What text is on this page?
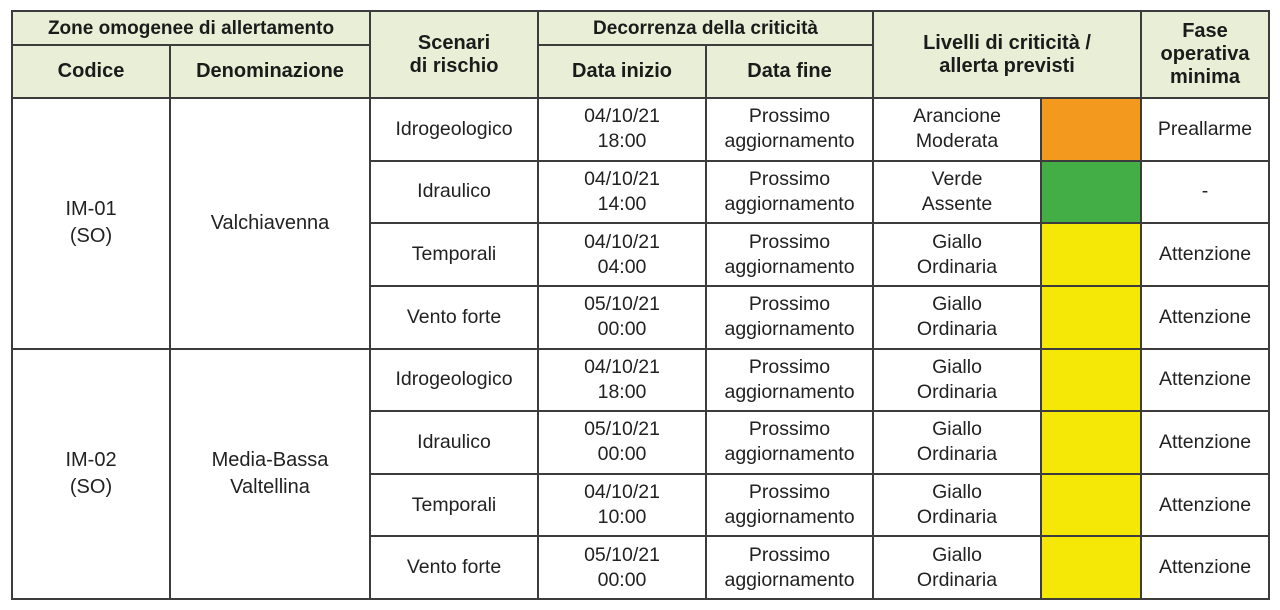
Zone omogenee di allertamento		Scenari
di rischio	Decorrenza della criticità		Livelli di criticità /
allerta previsti		Fase
operativa
minima

Codice	Denominazione		Data inizio	Data fine			

IM-01
(SO)	Valchiavenna	Idrogeologico	04/10/21
18:00	Prossimo
aggiornamento	Arancione
Moderata		Preallarme
		Idraulico	04/10/21
14:00	Prossimo
aggiornamento	Verde
Assente		-
		Temporali	04/10/21
04:00	Prossimo
aggiornamento	Giallo
Ordinaria		Attenzione
		Vento forte	05/10/21
00:00	Prossimo
aggiornamento	Giallo
Ordinaria		Attenzione

IM-02
(SO)	Media-Bassa
Valtellina	Idrogeologico	04/10/21
18:00	Prossimo
aggiornamento	Giallo
Ordinaria		Attenzione
		Idraulico	05/10/21
00:00	Prossimo
aggiornamento	Giallo
Ordinaria		Attenzione
		Temporali	04/10/21
10:00	Prossimo
aggiornamento	Giallo
Ordinaria		Attenzione
		Vento forte	05/10/21
00:00	Prossimo
aggiornamento	Giallo
Ordinaria		Attenzione
